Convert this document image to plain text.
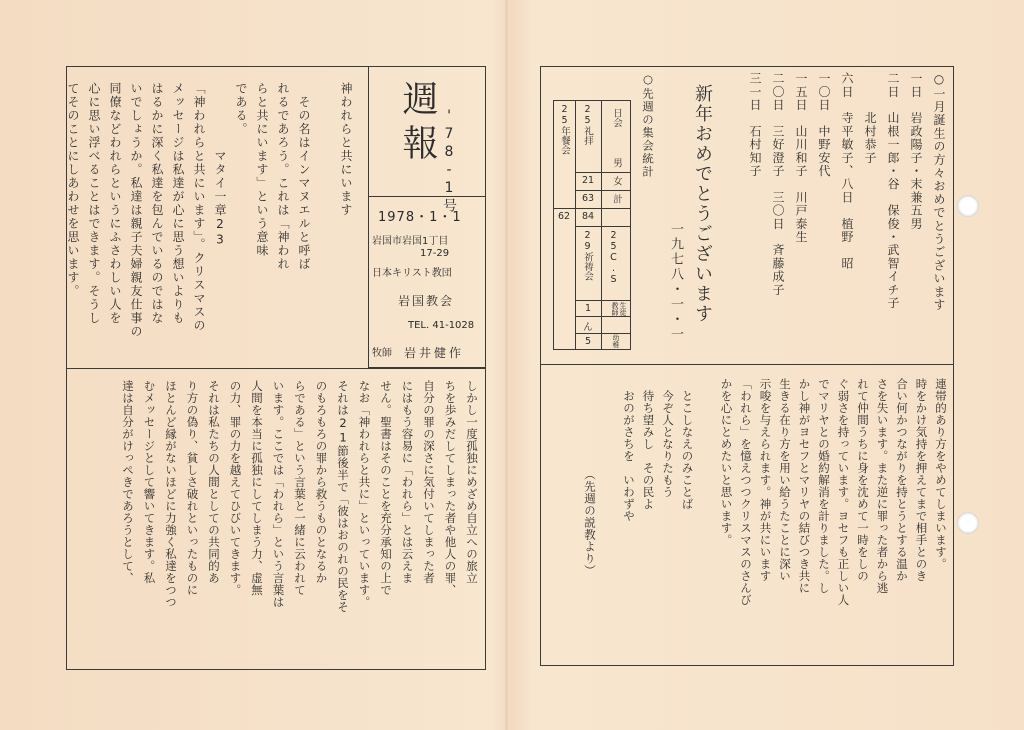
週報 '78-1号
1978・1・1
岩国市岩国1丁目
17-29
日本キリスト教団
岩国教会
TEL. 41-1028
牧師 岩井健作
神われらと共にいます

　その名はインマヌエルと呼ば
れるであろう。これは「神われ
らと共にいます」という意味
である。
　　　　　マタイ一章23
「神われらと共にいます」。クリスマスの
メッセージは私達が心に思う想いよりも
はるかに深く私達を包んでいるのではな
いでしょうか。私達は親子夫婦親友仕事の
同僚などわれらというにふさわしい人を
心に思い浮べることはできます。そうし
てそのことにしあわせを思います。
しかし一度孤独にめざめ自立への旅立
ちを歩みだしてしまった者や他人の罪、
自分の罪の深さに気付いてしまった者
にはもう容易に「われら」とは云えま
せん。聖書はそのことを充分承知の上で
なお「神われらと共に」といっています。
それは21節後半で「彼はおのれの民をそ
のもろもろの罪から救うものとなるか
らである」という言葉と一緒に云われて
います。ここでは「われら」という言葉は
人間を本当に孤独にしてしまう力、虚無
の力、罪の力を越えてひびいてきます。
それは私たちの人間としての共同的あ
り方の偽り、貧しさ破れといったものに
ほとんど縁がないほどに力強く私達をつつ
むメッセージとして響いてきます。私
達は自分がけっぺきであろうとして、
○一月誕生の方々おめでとうございます
一日　岩政陽子・末兼五男
二日　山根一郎・谷　保俊・武智イチ子
　　　北村恭子
六日　寺平敏子、八日　植野　昭
一〇日　中野安代
一五日　山川和子　川戸泰生
二〇日　三好澄子　三〇日　斉藤成子
三一日　石村知子
新年おめでとうございます
一九七八・一・一
○先週の集会統計
日会
男
女
計
25礼拝
21
63
84
25年餐会
62
29祈祷会 25C.S
1
ん
5
教師 生徒
幼稚
連帯的あり方をやめてしまいます。
時をかけ気持を押えてまで相手とのき
合い何かつながりを持とうとする温か
さを失います。また逆に罪った者から逃
れて仲間うちに身を沈めて一時をしの
ぐ弱さを持っています。ヨセフも正しい人
でマリヤとの婚約解消を計りました。し
かし神がヨセフとマリヤの結びつき共に
生きる在り方を用い給うたことに深い
示唆を与えられます。神が共にいます
「われら」を憶えつつクリスマスのさんび
かを心にとめたいと思います。

　とこしなえのみことば
　今ぞ人となりたもう
　待ち望みし　その民よ
　おのがさちを　いわずや

　　　　　　　　（先週の説教より）
